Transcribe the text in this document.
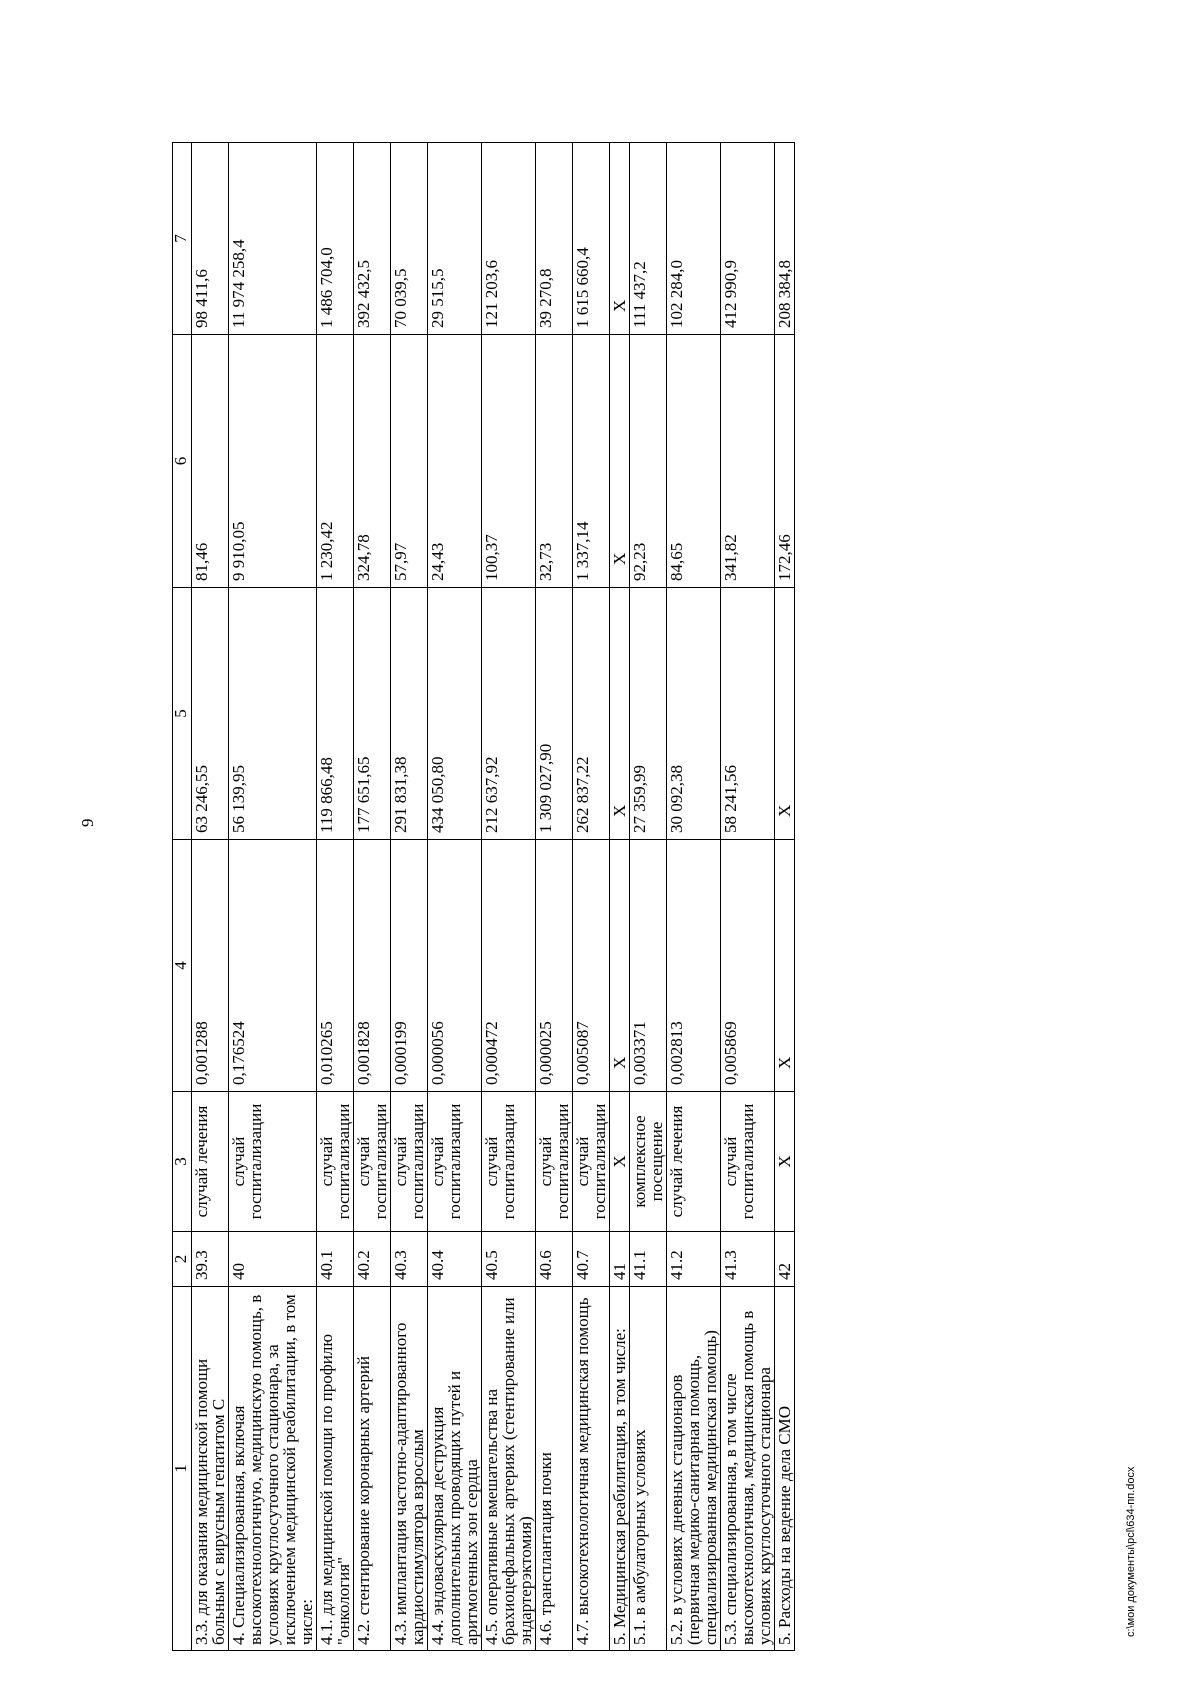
9
1	2	3	4	5	6	7
3.3. для оказания медицинской помощи больным с вирусным гепатитом С	39.3	случай лечения	0,001288	63 246,55	81,46	98 411,6
4. Специализированная, включая высокотехнологичную, медицинскую помощь, в условиях круглосуточного стационара, за исключением медицинской реабилитации, в том числе:	40	случай госпитализации	0,176524	56 139,95	9 910,05	11 974 258,4
4.1. для медицинской помощи по профилю "онкология"	40.1	случай госпитализации	0,010265	119 866,48	1 230,42	1 486 704,0
4.2. стентирование коронарных артерий	40.2	случай госпитализации	0,001828	177 651,65	324,78	392 432,5
4.3. имплантация частотно-адаптированного кардиостимулятора взрослым	40.3	случай госпитализации	0,000199	291 831,38	57,97	70 039,5
4.4. эндоваскулярная деструкция дополнительных проводящих путей и аритмогенных зон сердца	40.4	случай госпитализации	0,000056	434 050,80	24,43	29 515,5
4.5. оперативные вмешательства на брахиоцефальных артериях (стентирование или эндартерэктомия)	40.5	случай госпитализации	0,000472	212 637,92	100,37	121 203,6
4.6. трансплантация почки	40.6	случай госпитализации	0,000025	1 309 027,90	32,73	39 270,8
4.7. высокотехнологичная медицинская помощь	40.7	случай госпитализации	0,005087	262 837,22	1 337,14	1 615 660,4
5. Медицинская реабилитация, в том числе:	41	X	X	X	X	X
5.1. в амбулаторных условиях	41.1	комплексное посещение	0,003371	27 359,99	92,23	111 437,2
5.2. в условиях дневных стационаров (первичная медико-санитарная помощь, специализированная медицинская помощь)	41.2	случай лечения	0,002813	30 092,38	84,65	102 284,0
5.3. специализированная, в том числе высокотехнологичная, медицинская помощь в условиях круглосуточного стационара	41.3	случай госпитализации	0,005869	58 241,56	341,82	412 990,9
5. Расходы на ведение дела СМО	42	X	X	X	172,46	208 384,8
c:\мои документы\pcl\634-пп.docx
